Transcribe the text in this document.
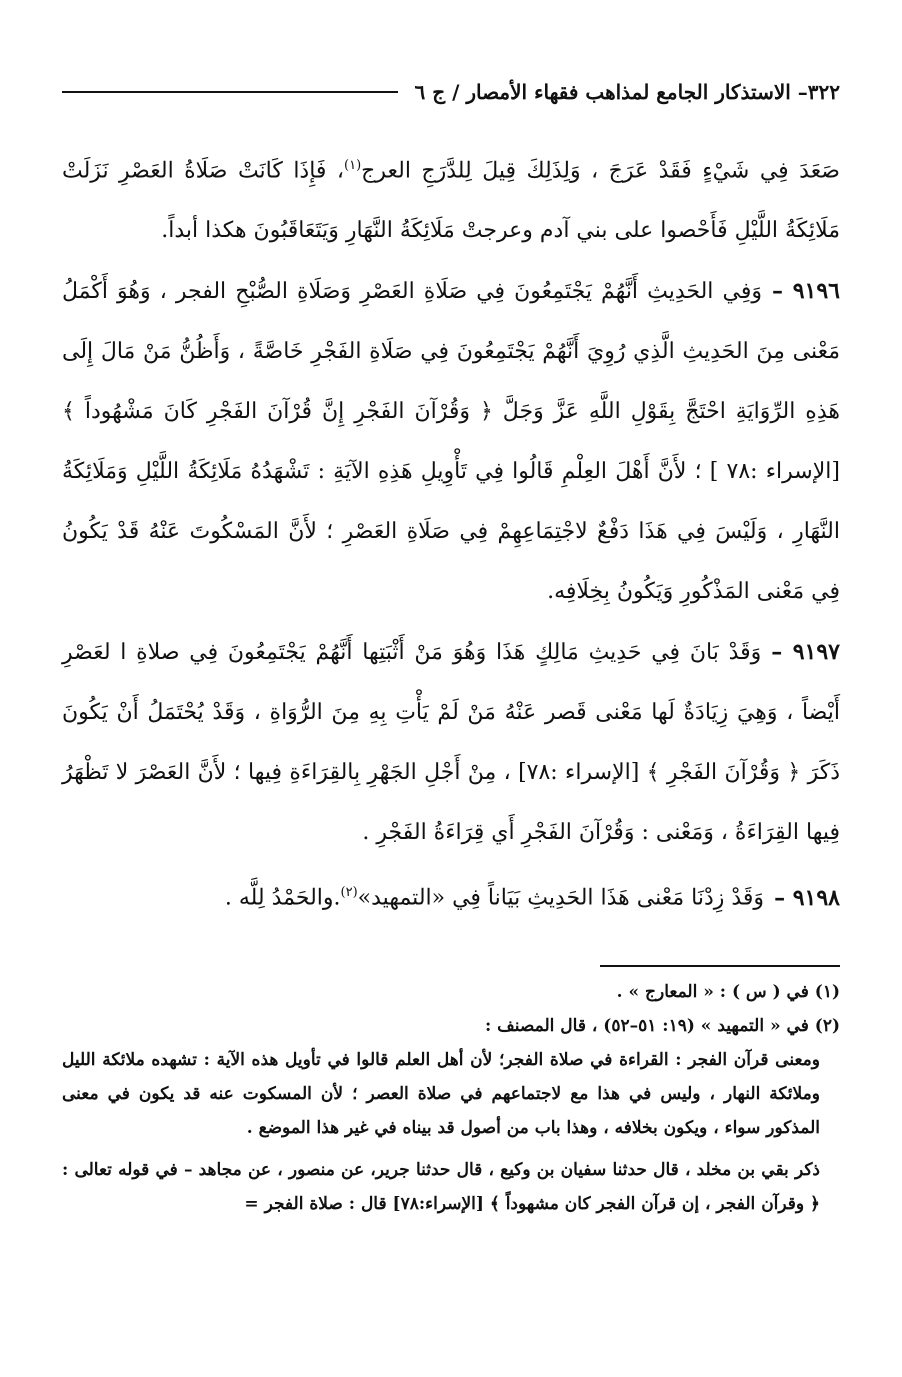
٣٢٢– الاستذكار الجامع لمذاهب فقهاء الأمصار / ج ٦

صَعَدَ فِي شَيْءٍ فَقَدْ عَرَجَ ، وَلِذَلِكَ قِيلَ لِلدَّرَجِ العرج$^{(١)}$، فَإِذَا كَانَتْ صَلَاةُ العَصْرِ نَزَلَتْ مَلَائِكَةُ اللَّيْلِ فَأَحْصوا على بني آدم وعرجتْ مَلَائِكَةُ النَّهَارِ وَيَتَعَاقَبُونَ هكذا أبداً.

٩١٩٦ –وَفِي الحَدِيثِ أَنَّهُمْ يَجْتَمِعُونَ فِي صَلَاةِ العَصْرِ وَصَلَاةِ الصُّبْحِ الفجر ، وَهُوَ أَكْمَلُ مَعْنى مِنَ الحَدِيثِ الَّذِي رُوِيَ أَنَّهُمْ يَجْتَمِعُونَ فِي صَلَاةِ الفَجْرِ خَاصَّةً ، وَأَظُنُّ مَنْ مَالَ إِلَى هَذِهِ الرِّوَايَةِ احْتَجَّ بِقَوْلِ اللَّهِ عَزَّ وَجَلَّ ﴿ وَقُرْآنَ الفَجْرِ إِنَّ قُرْآنَ الفَجْرِ كَانَ مَشْهُوداً ﴾ [الإسراء :٧٨ ] ؛ لأَنَّ أَهْلَ العِلْمِ قَالُوا فِي تَأْوِيلِ هَذِهِ الآيَةِ : تَشْهَدُهُ مَلَائِكَةُ اللَّيْلِ وَمَلَائِكَةُ النَّهَارِ ، وَلَيْسَ فِي هَذَا دَفْعٌ لاجْتِمَاعِهِمْ فِي صَلَاةِ العَصْرِ ؛ لأَنَّ المَسْكُوتَ عَنْهُ قَدْ يَكُونُ فِي مَعْنى المَذْكُورِ وَيَكُونُ بِخِلَافِه.

٩١٩٧ –وَقَدْ بَانَ فِي حَدِيثِ مَالِكٍ هَذَا وَهُوَ مَنْ أَثْبَتِها أَنَّهُمْ يَجْتَمِعُونَ فِي صلاةِ ا لعَصْرِ أَيْضاً ، وَهِيَ زِيَادَةٌ لَها مَعْنى قَصر عَنْهُ مَنْ لَمْ يَأْتِ بِهِ مِنَ الرُّوَاةِ ، وَقَدْ يُحْتَمَلُ أَنْ يَكُونَ ذَكَرَ ﴿ وَقُرْآنَ الفَجْرِ ﴾ [الإسراء :٧٨] ، مِنْ أَجْلِ الجَهْرِ بِالقِرَاءَةِ فِيها ؛ لأَنَّ العَصْرَ لا تَظْهَرُ فِيها القِرَاءَةُ ، وَمَعْنى : وَقُرْآنَ الفَجْرِ أَي قِرَاءَةُ الفَجْرِ .

٩١٩٨ –وَقَدْ زِدْنَا مَعْنى هَذَا الحَدِيثِ بَيَاناً فِي «التمهيد»$^{(٢)}$.والحَمْدُ لِلَّه .

(١) في ( س ) : « المعارج » .

(٢) في « التمهيد » (١٩: ٥١–٥٢) ، قال المصنف :

ومعنى قرآن الفجر : القراءة في صلاة الفجر؛ لأن أهل العلم قالوا في تأويل هذه الآية : تشهده ملائكة الليل وملائكة النهار ، وليس في هذا مع لاجتماعهم في صلاة العصر ؛ لأن المسكوت عنه قد يكون في معنى المذكور سواء ، ويكون بخلافه ، وهذا باب من أصول قد بيناه في غير هذا الموضع .

ذكر بقي بن مخلد ، قال حدثنا سفيان بن وكيع ، قال حدثنا جرير، عن منصور ، عن مجاهد – في قوله تعالى : ﴿ وقرآن الفجر ، إن قرآن الفجر كان مشهوداً ﴾ [الإسراء:٧٨] قال : صلاة الفجر =
